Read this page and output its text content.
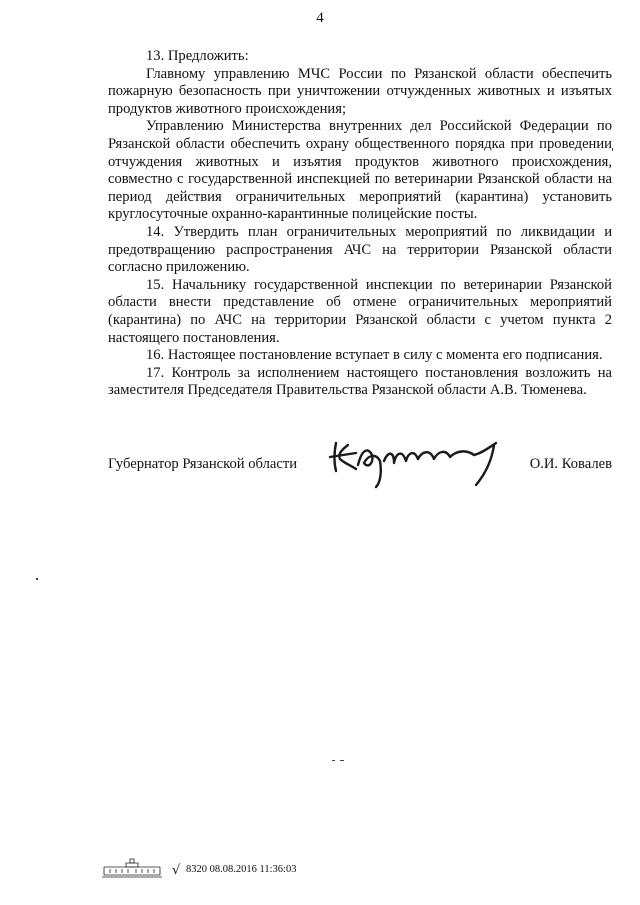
4

13. Предложить:

Главному управлению МЧС России по Рязанской области обеспечить пожарную безопасность при уничтожении отчужденных животных и изъятых продуктов животного происхождения;

Управлению Министерства внутренних дел Российской Федерации по Рязанской области обеспечить охрану общественного порядка при проведении отчуждения животных и изъятия продуктов животного происхождения, совместно с государственной инспекцией по ветеринарии Рязанской области на период действия ограничительных мероприятий (карантина) установить круглосуточные охранно-карантинные полицейские посты.

14. Утвердить план ограничительных мероприятий по ликвидации и предотвращению распространения АЧС на территории Рязанской области согласно приложению.

15. Начальнику государственной инспекции по ветеринарии Рязанской области внести представление об отмене ограничительных мероприятий (карантина) по АЧС на территории Рязанской области с учетом пункта 2 настоящего постановления.

16. Настоящее постановление вступает в силу с момента его подписания.

17. Контроль за исполнением настоящего постановления возложить на заместителя Председателя Правительства Рязанской области А.В. Тюменева.

Губернатор Рязанской области	О.И. Ковалев
√ 8320 08.08.2016 11:36:03
